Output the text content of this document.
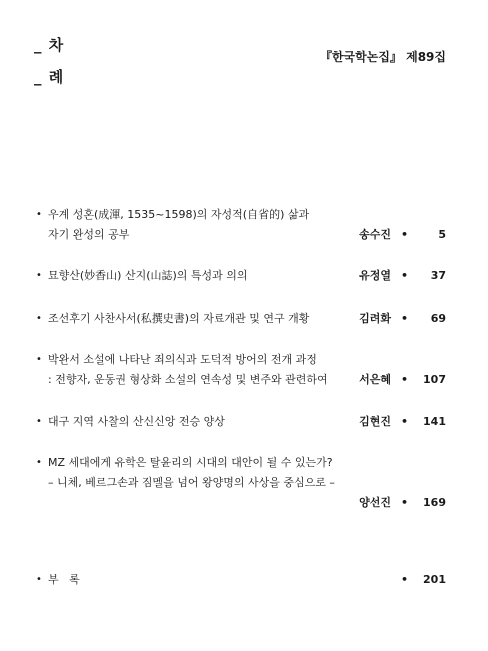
_ 차
_ 례
『한국학논집』 제89집
• 우계 성혼(成渾, 1535~1598)의 자성적(自省的) 삶과
자기 완성의 공부	송수진 •	5
• 묘향산(妙香山) 산지(山誌)의 특성과 의의	유정열 •	37
• 조선후기 사찬사서(私撰史書)의 자료개관 및 연구 개황	김려화 •	69
• 박완서 소설에 나타난 죄의식과 도덕적 방어의 전개 과정
: 전향자, 운동권 형상화 소설의 연속성 및 변주와 관련하여	서은혜 • 107
• 대구 지역 사찰의 산신신앙 전승 양상	김현진 • 141
• MZ 세대에게 유학은 탈윤리의 시대의 대안이 될 수 있는가?
– 니체, 베르그손과 짐멜을 넘어 왕양명의 사상을 중심으로 –
양선진 • 169
• 부   록	• 201
